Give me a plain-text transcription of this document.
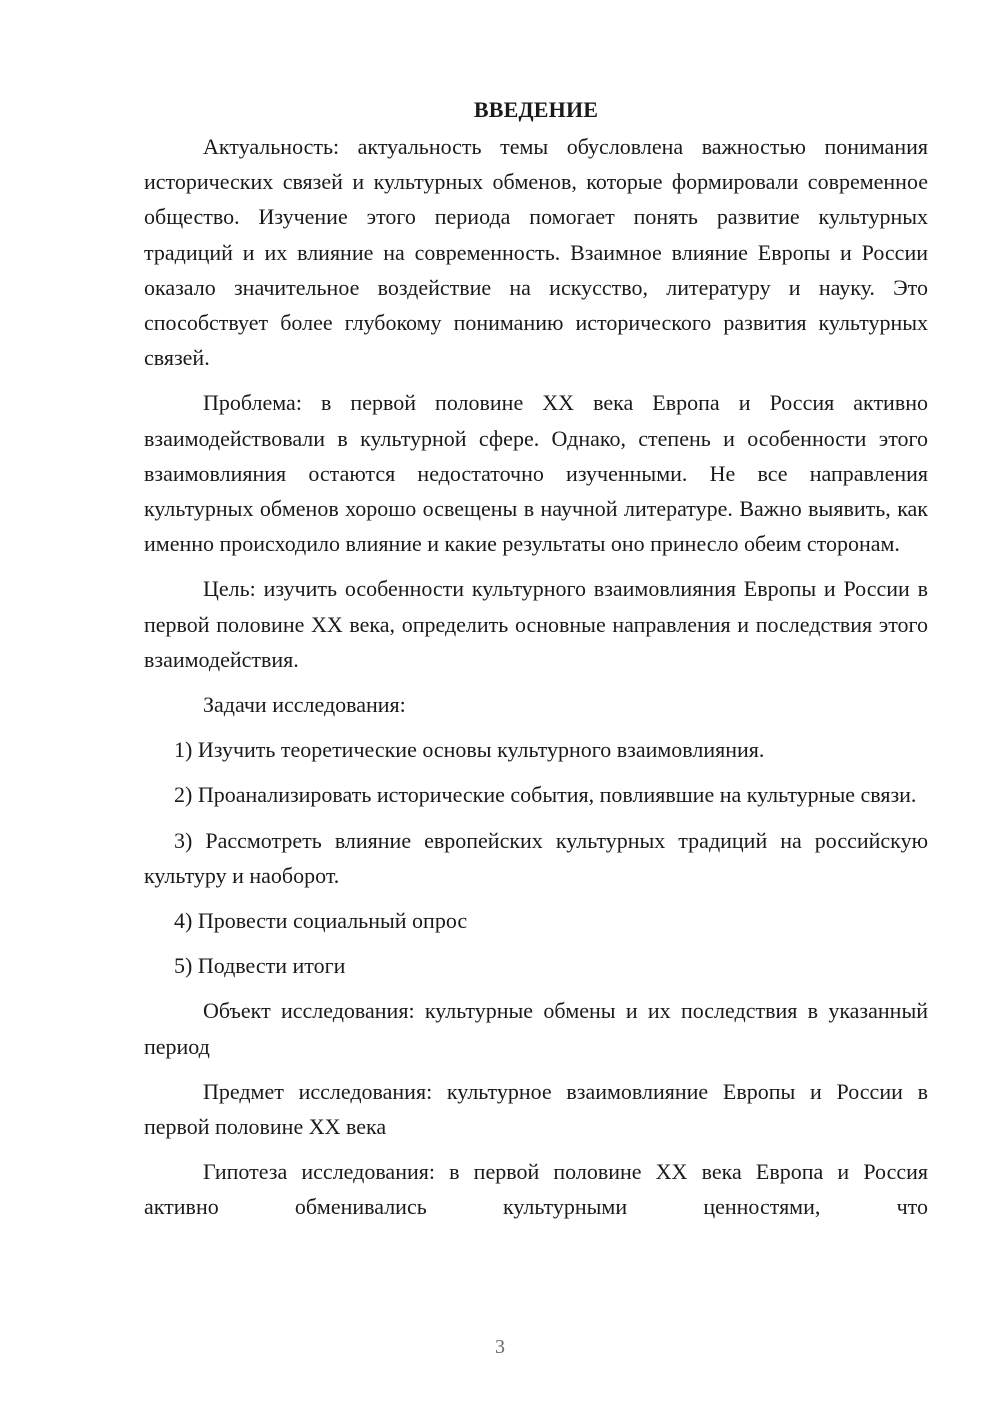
ВВЕДЕНИЕ

Актуальность: актуальность темы обусловлена важностью понимания исторических связей и культурных обменов, которые формировали современное общество. Изучение этого периода помогает понять развитие культурных традиций и их влияние на современность. Взаимное влияние Европы и России оказало значительное воздействие на искусство, литературу и науку. Это способствует более глубокому пониманию исторического развития культурных связей.

Проблема: в первой половине XX века Европа и Россия активно взаимодействовали в культурной сфере. Однако, степень и особенности этого взаимовлияния остаются недостаточно изученными. Не все направления культурных обменов хорошо освещены в научной литературе. Важно выявить, как именно происходило влияние и какие результаты оно принесло обеим сторонам.

Цель: изучить особенности культурного взаимовлияния Европы и России в первой половине XX века, определить основные направления и последствия этого взаимодействия.

Задачи исследования:

1) Изучить теоретические основы культурного взаимовлияния.

2) Проанализировать исторические события, повлиявшие на культурные связи.

3) Рассмотреть влияние европейских культурных традиций на российскую культуру и наоборот.

4) Провести социальный опрос

5) Подвести итоги

Объект исследования: культурные обмены и их последствия в указанный период

Предмет исследования: культурное взаимовлияние Европы и России в первой половине XX века

Гипотеза исследования: в первой половине XX века Европа и Россия активно обменивались культурными ценностями, что

3
